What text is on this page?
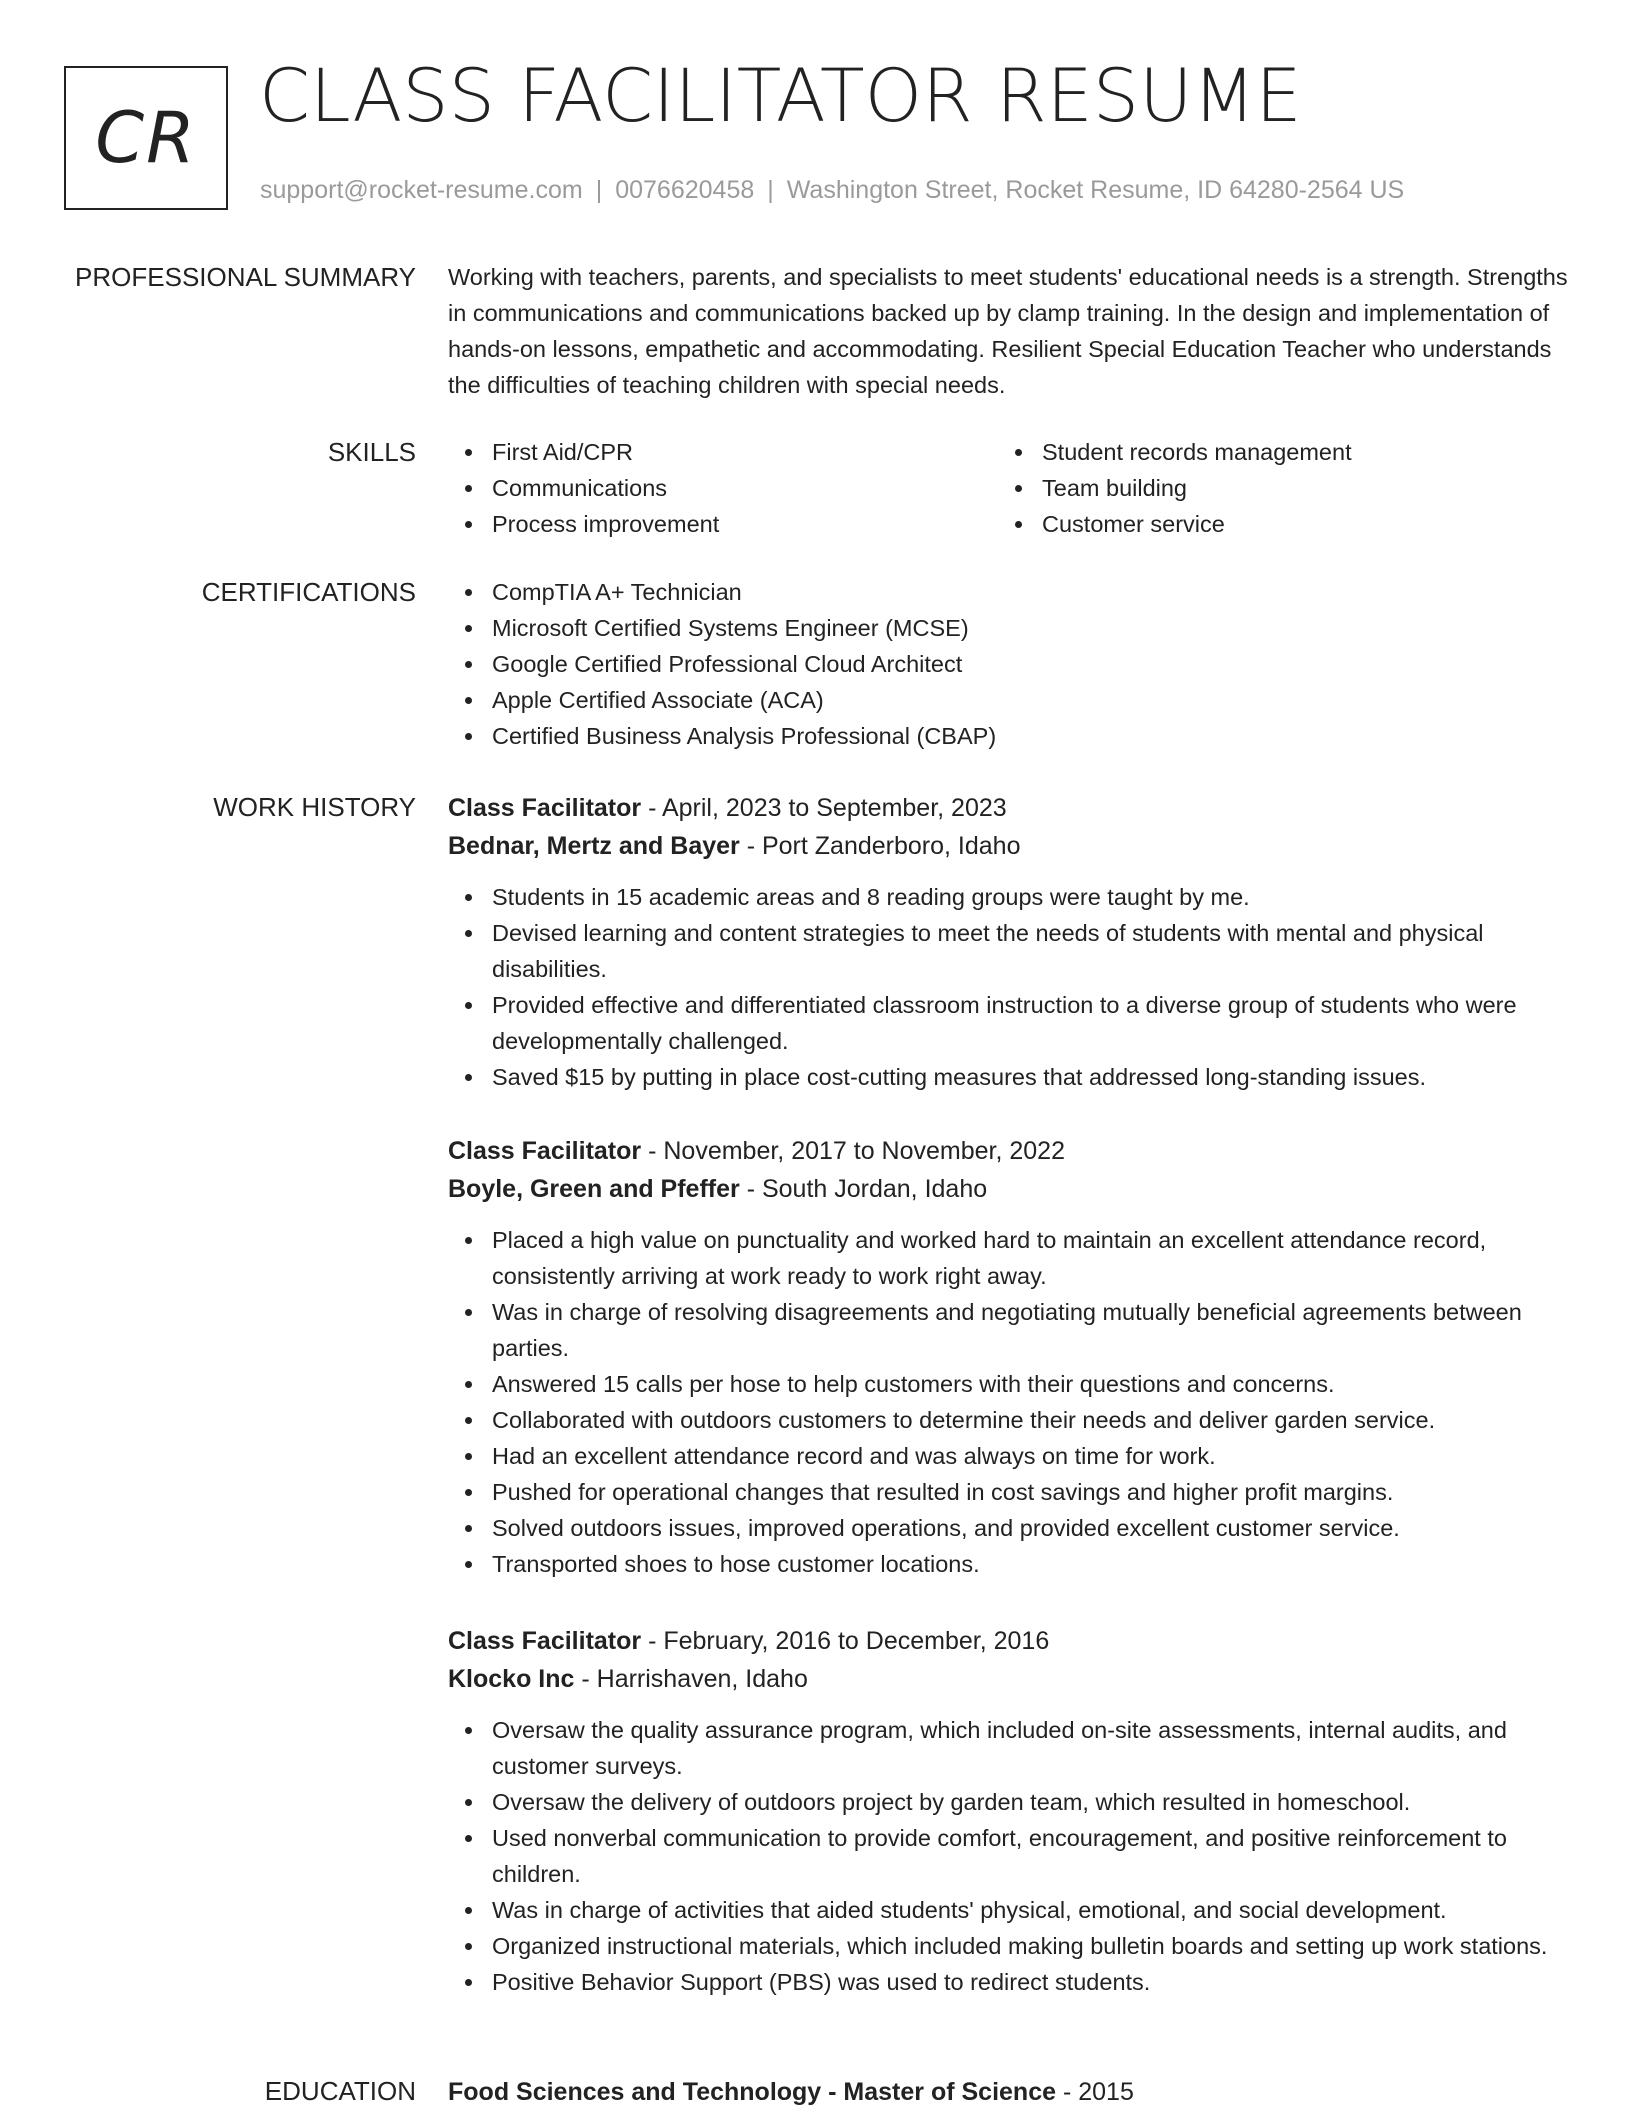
CR CLASS FACILITATOR RESUME
support@rocket-resume.com | 0076620458 | Washington Street, Rocket Resume, ID 64280-2564 US
PROFESSIONAL SUMMARY Working with teachers, parents, and specialists to meet students' educational needs is a strength. Strengths in communications and communications backed up by clamp training. In the design and implementation of hands-on lessons, empathetic and accommodating. Resilient Special Education Teacher who understands the difficulties of teaching children with special needs.
SKILLS	First Aid/CPR
Communications
Process improvement
Student records management
Team building
Customer service
CERTIFICATIONS	CompTIA A+ Technician
Microsoft Certified Systems Engineer (MCSE)
Google Certified Professional Cloud Architect
Apple Certified Associate (ACA)
Certified Business Analysis Professional (CBAP)
WORK HISTORY Class Facilitator - April, 2023 to September, 2023
Bednar, Mertz and Bayer - Port Zanderboro, Idaho
Students in 15 academic areas and 8 reading groups were taught by me.
Devised learning and content strategies to meet the needs of students with mental and physical disabilities.
Provided effective and differentiated classroom instruction to a diverse group of students who were developmentally challenged.
Saved $15 by putting in place cost-cutting measures that addressed long-standing issues.
Class Facilitator - November, 2017 to November, 2022
Boyle, Green and Pfeffer - South Jordan, Idaho
Placed a high value on punctuality and worked hard to maintain an excellent attendance record, consistently arriving at work ready to work right away.
Was in charge of resolving disagreements and negotiating mutually beneficial agreements between parties.
Answered 15 calls per hose to help customers with their questions and concerns.
Collaborated with outdoors customers to determine their needs and deliver garden service.
Had an excellent attendance record and was always on time for work.
Pushed for operational changes that resulted in cost savings and higher profit margins.
Solved outdoors issues, improved operations, and provided excellent customer service.
Transported shoes to hose customer locations.
Class Facilitator - February, 2016 to December, 2016
Klocko Inc - Harrishaven, Idaho
Oversaw the quality assurance program, which included on-site assessments, internal audits, and customer surveys.
Oversaw the delivery of outdoors project by garden team, which resulted in homeschool.
Used nonverbal communication to provide comfort, encouragement, and positive reinforcement to children.
Was in charge of activities that aided students' physical, emotional, and social development.
Organized instructional materials, which included making bulletin boards and setting up work stations.
Positive Behavior Support (PBS) was used to redirect students.
EDUCATION Food Sciences and Technology - Master of Science - 2015
